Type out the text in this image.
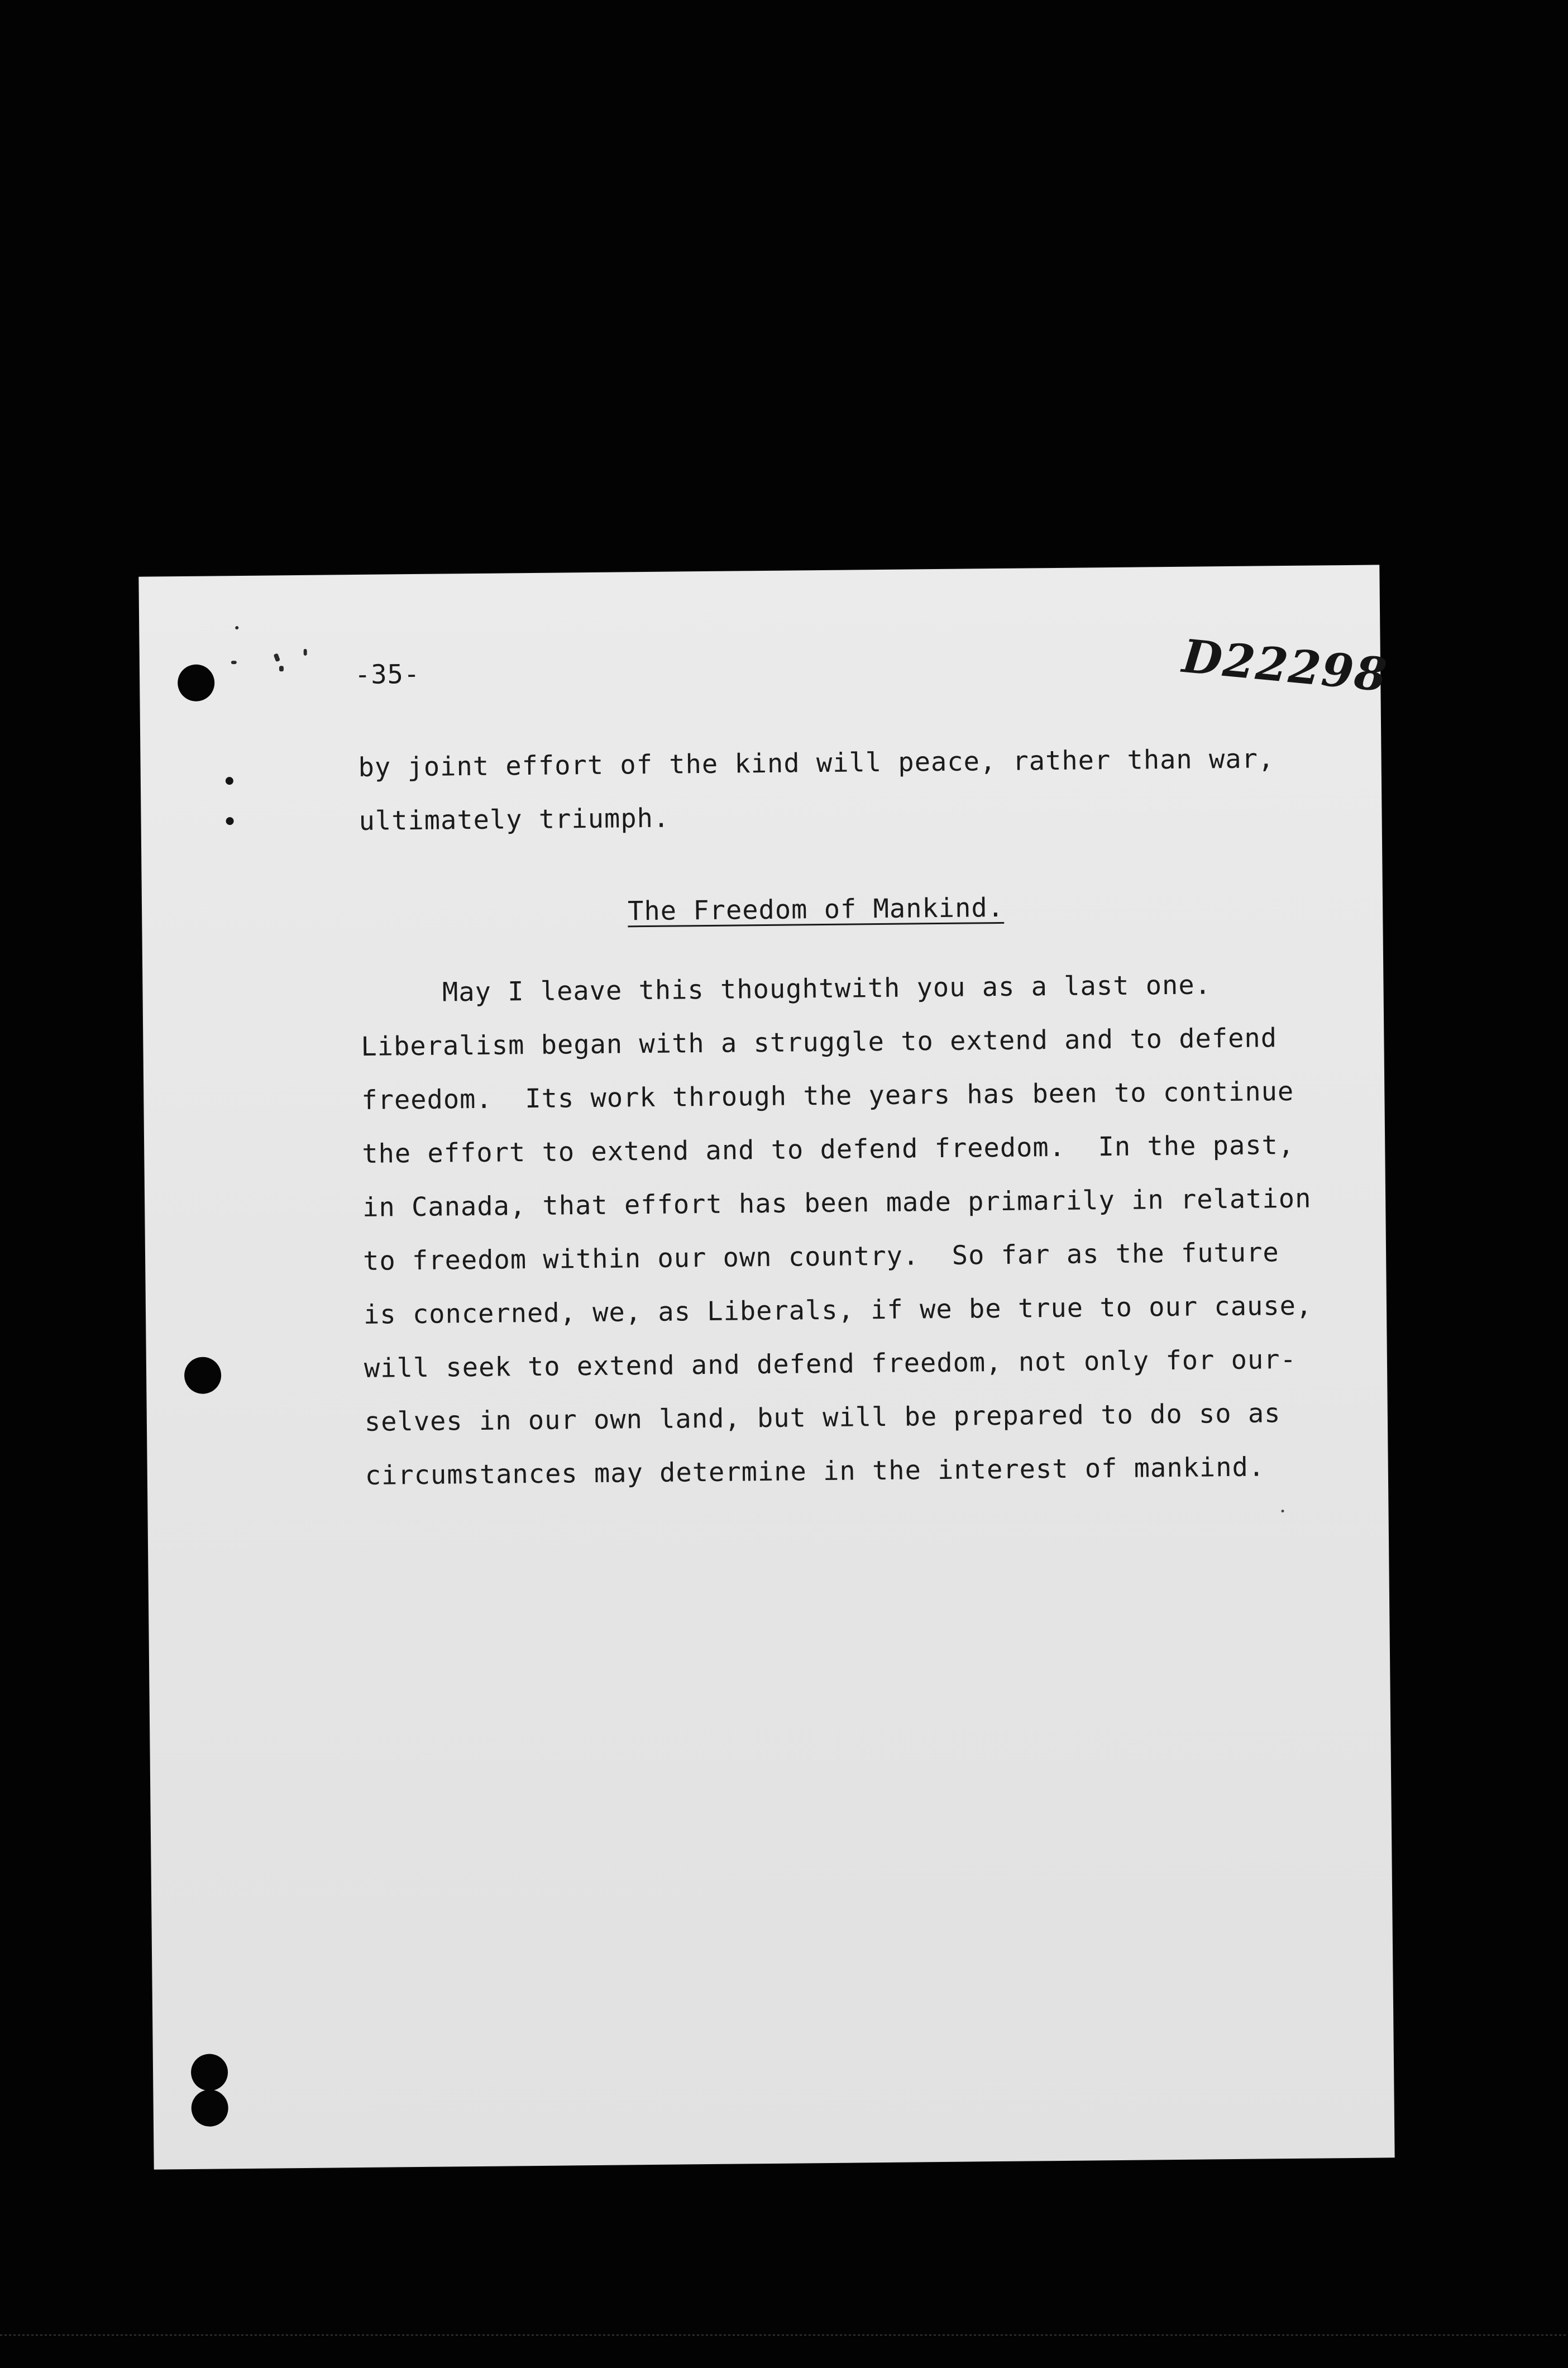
-35-	D22298
by joint effort of the kind will peace, rather than war,
ultimately triumph.
The Freedom of Mankind.
May I leave this thoughtwith you as a last one.
Liberalism began with a struggle to extend and to defend
freedom.  Its work through the years has been to continue
the effort to extend and to defend freedom.  In the past,
in Canada, that effort has been made primarily in relation
to freedom within our own country.  So far as the future
is concerned, we, as Liberals, if we be true to our cause,
will seek to extend and defend freedom, not only for our-
selves in our own land, but will be prepared to do so as
circumstances may determine in the interest of mankind.
